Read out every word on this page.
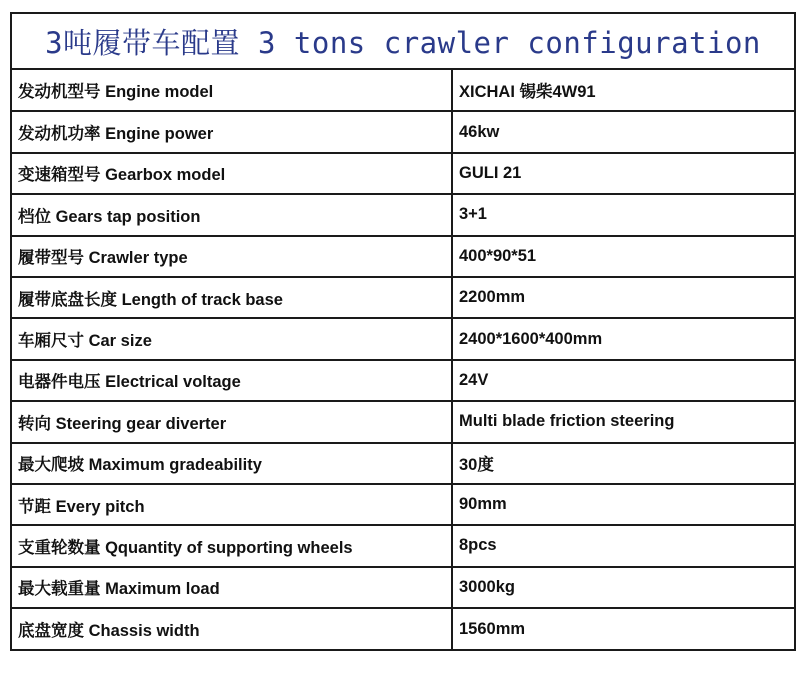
3吨履带车配置 3 tons crawler configuration
发动机型号 Engine model	XICHAI 锡柴4W91
发动机功率 Engine power	46kw
变速箱型号 Gearbox model	GULI 21
档位 Gears tap position	3+1
履带型号 Crawler type	400*90*51
履带底盘长度 Length of track base	2200mm
车厢尺寸 Car size	2400*1600*400mm
电器件电压 Electrical voltage	24V
转向 Steering gear diverter	Multi blade friction steering
最大爬坡 Maximum gradeability	30度
节距 Every pitch	90mm
支重轮数量 Qquantity of supporting wheels	8pcs
最大载重量 Maximum load	3000kg
底盘宽度 Chassis width	1560mm
